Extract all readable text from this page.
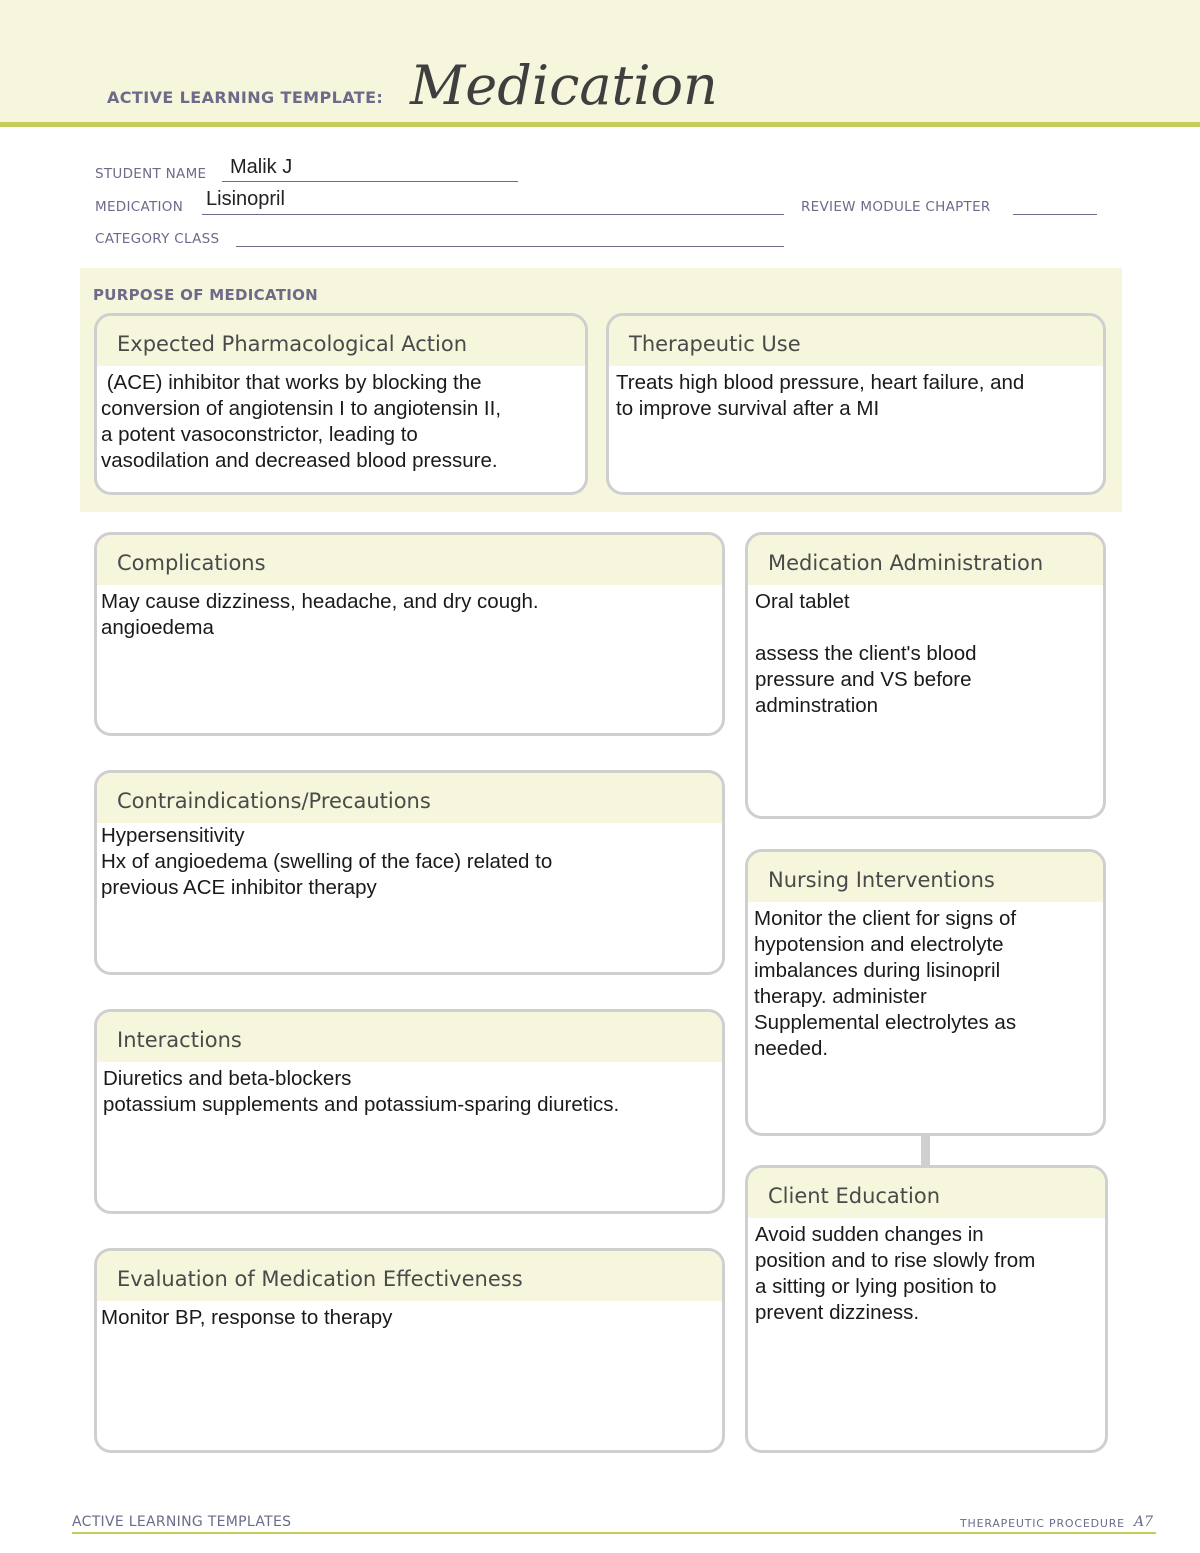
ACTIVE LEARNING TEMPLATE: Medication
STUDENT NAME Malik J
MEDICATION Lisinopril	REVIEW MODULE CHAPTER
CATEGORY CLASS
PURPOSE OF MEDICATION
Expected Pharmacological Action
(ACE) inhibitor that works by blocking the
conversion of angiotensin I to angiotensin II,
a potent vasoconstrictor, leading to
vasodilation and decreased blood pressure.
Therapeutic Use
Treats high blood pressure, heart failure, and
to improve survival after a MI
Complications
May cause dizziness, headache, and dry cough.
angioedema
Contraindications/Precautions
Hypersensitivity
Hx of angioedema (swelling of the face) related to
previous ACE inhibitor therapy
Interactions
Diuretics and beta-blockers
potassium supplements and potassium-sparing diuretics.
Evaluation of Medication Effectiveness
Monitor BP, response to therapy
Medication Administration
Oral tablet

assess the client's blood
pressure and VS before
adminstration
Nursing Interventions
Monitor the client for signs of
hypotension and electrolyte
imbalances during lisinopril
therapy. administer
Supplemental electrolytes as
needed.
Client Education
Avoid sudden changes in
position and to rise slowly from
a sitting or lying position to
prevent dizziness.
ACTIVE LEARNING TEMPLATES	THERAPEUTIC PROCEDURE A7
